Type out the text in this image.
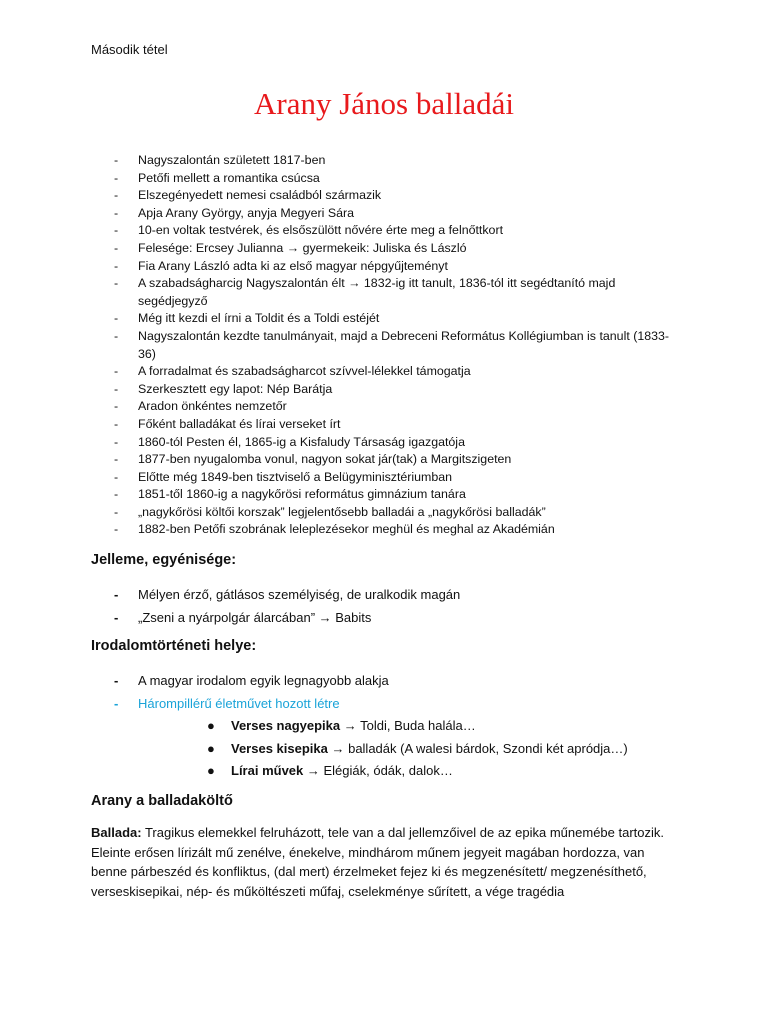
Második tétel
Arany János balladái
- Nagyszalontán született 1817-ben
- Petőfi mellett a romantika csúcsa
- Elszegényedett nemesi családból származik
- Apja Arany György, anyja Megyeri Sára
- 10-en voltak testvérek, és elsőszülött nővére érte meg a felnőttkort
- Felesége: Ercsey Julianna → gyermekeik: Juliska és László
- Fia Arany László adta ki az első magyar népgyűjteményt
- A szabadságharcig Nagyszalontán élt → 1832-ig itt tanult, 1836-tól itt segédtanító majd segédjegyző
- Még itt kezdi el írni a Toldit és a Toldi estéjét
- Nagyszalontán kezdte tanulmányait, majd a Debreceni Református Kollégiumban is tanult (1833-36)
- A forradalmat és szabadságharcot szívvel-lélekkel támogatja
- Szerkesztett egy lapot: Nép Barátja
- Aradon önkéntes nemzetőr
- Főként balladákat és lírai verseket írt
- 1860-tól Pesten él, 1865-ig a Kisfaludy Társaság igazgatója
- 1877-ben nyugalomba vonul, nagyon sokat jár(tak) a Margitszigeten
- Előtte még 1849-ben tisztviselő a Belügyminisztériumban
- 1851-től 1860-ig a nagykőrösi református gimnázium tanára
- „nagykőrösi költői korszak” legjelentősebb balladái a „nagykőrösi balladák”
- 1882-ben Petőfi szobrának leleplezésekor meghül és meghal az Akadémián
Jelleme, egyénisége:
- Mélyen érző, gátlásos személyiség, de uralkodik magán
- „Zseni a nyárpolgár álarcában” → Babits
Irodalomtörténeti helye:
- A magyar irodalom egyik legnagyobb alakja
- Hárompillérű életművet hozott létre
● Verses nagyepika → Toldi, Buda halála…
● Verses kisepika → balladák (A walesi bárdok, Szondi két apródja…)
● Lírai művek → Elégiák, ódák, dalok…
Arany a balladaköltő
Ballada: Tragikus elemekkel felruházott, tele van a dal jellemzőivel de az epika műnemébe tartozik. Eleinte erősen lírizált mű zenélve, énekelve, mindhárom műnem jegyeit magában hordozza, van benne párbeszéd és konfliktus, (dal mert) érzelmeket fejez ki és megzenésített/ megzenésíthető, verseskisepikai, nép- és műköltészeti műfaj, cselekménye sűrített, a vége tragédia
